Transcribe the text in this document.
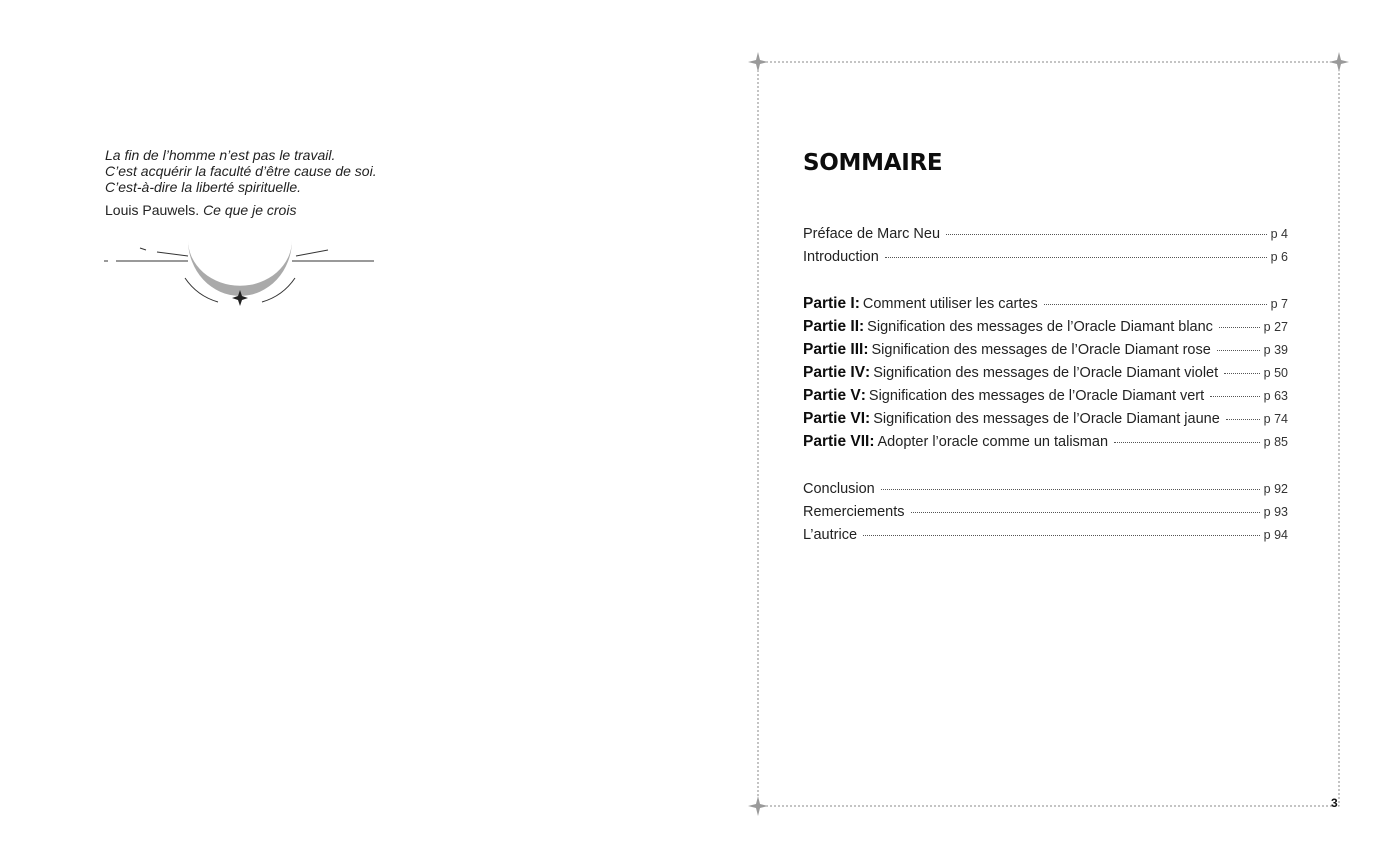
La fin de l’homme n’est pas le travail.
C’est acquérir la faculté d’être cause de soi.
C’est-à-dire la liberté spirituelle.
Louis Pauwels. Ce que je crois
SOMMAIRE
Préface de Marc Neu	p 4
Introduction	p 6
Partie I : Comment utiliser les cartes	p 7
Partie II : Signification des messages de l’Oracle Diamant blanc	p 27
Partie III : Signification des messages de l’Oracle Diamant rose	p 39
Partie IV : Signification des messages de l’Oracle Diamant violet	p 50
Partie V : Signification des messages de l’Oracle Diamant vert	p 63
Partie VI : Signification des messages de l’Oracle Diamant jaune	p 74
Partie VII : Adopter l’oracle comme un talisman	p 85
Conclusion	p 92
Remerciements	p 93
L’autrice	p 94
3
